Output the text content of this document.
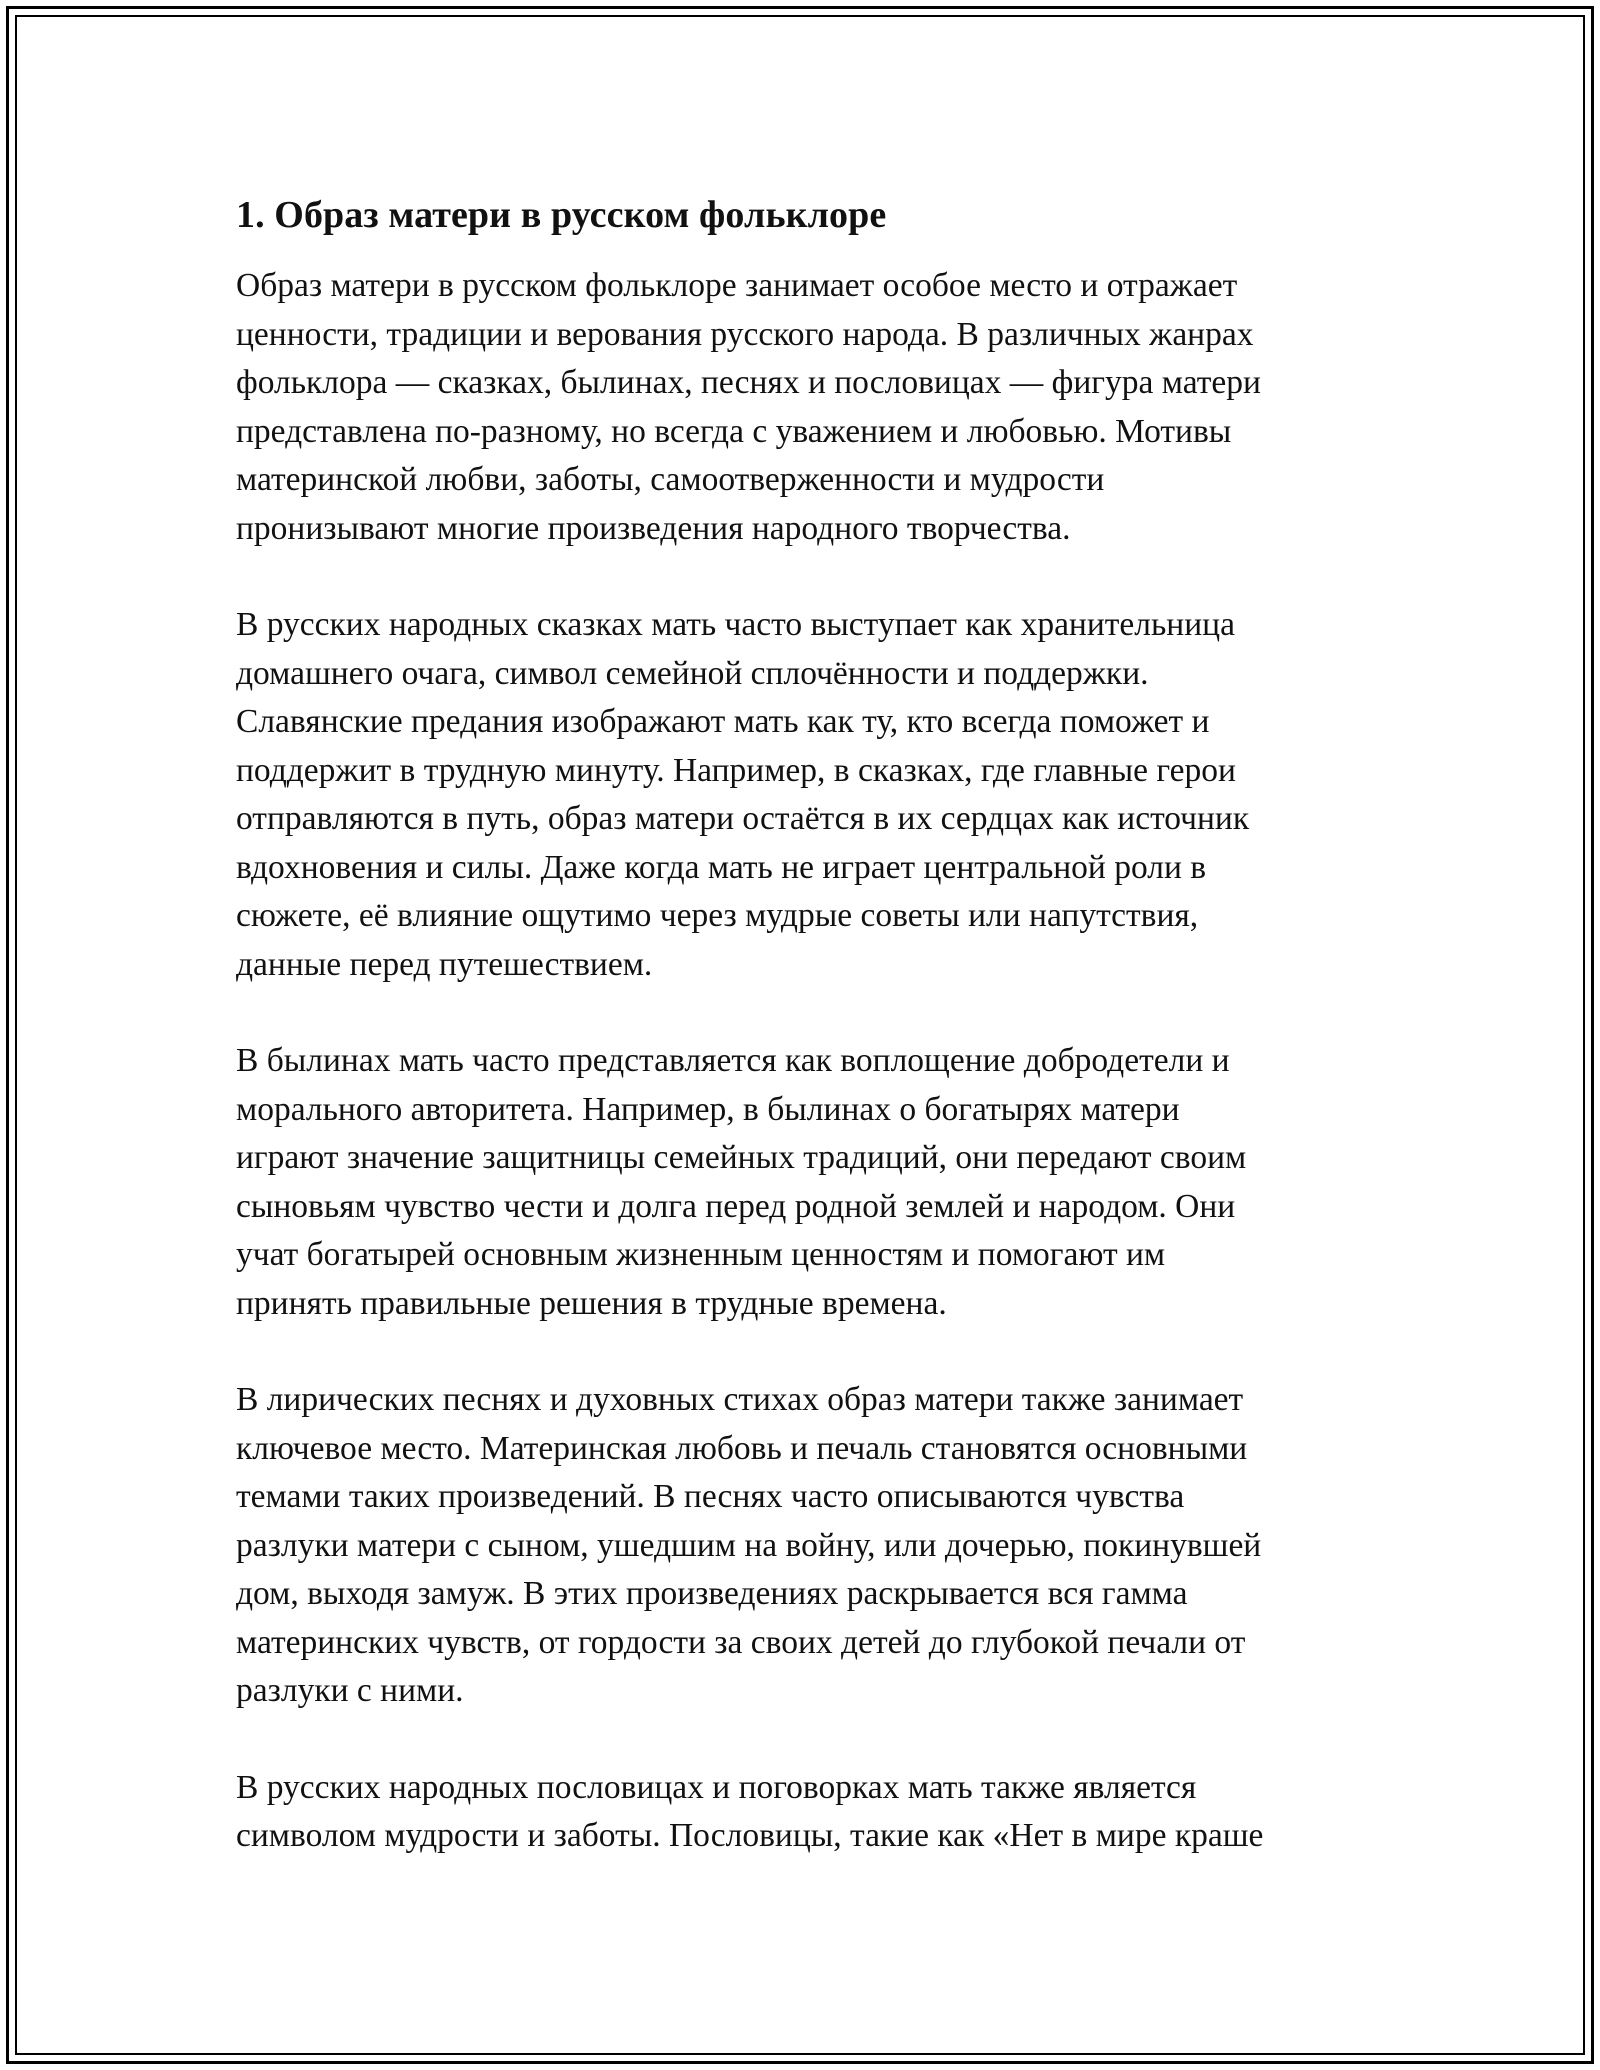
1. Образ матери в русском фольклоре

Образ матери в русском фольклоре занимает особое место и отражает
ценности, традиции и верования русского народа. В различных жанрах
фольклора — сказках, былинах, песнях и пословицах — фигура матери
представлена по-разному, но всегда с уважением и любовью. Мотивы
материнской любви, заботы, самоотверженности и мудрости
пронизывают многие произведения народного творчества.

В русских народных сказках мать часто выступает как хранительница
домашнего очага, символ семейной сплочённости и поддержки.
Славянские предания изображают мать как ту, кто всегда поможет и
поддержит в трудную минуту. Например, в сказках, где главные герои
отправляются в путь, образ матери остаётся в их сердцах как источник
вдохновения и силы. Даже когда мать не играет центральной роли в
сюжете, её влияние ощутимо через мудрые советы или напутствия,
данные перед путешествием.

В былинах мать часто представляется как воплощение добродетели и
морального авторитета. Например, в былинах о богатырях матери
играют значение защитницы семейных традиций, они передают своим
сыновьям чувство чести и долга перед родной землей и народом. Они
учат богатырей основным жизненным ценностям и помогают им
принять правильные решения в трудные времена.

В лирических песнях и духовных стихах образ матери также занимает
ключевое место. Материнская любовь и печаль становятся основными
темами таких произведений. В песнях часто описываются чувства
разлуки матери с сыном, ушедшим на войну, или дочерью, покинувшей
дом, выходя замуж. В этих произведениях раскрывается вся гамма
материнских чувств, от гордости за своих детей до глубокой печали от
разлуки с ними.

В русских народных пословицах и поговорках мать также является
символом мудрости и заботы. Пословицы, такие как «Нет в мире краше
